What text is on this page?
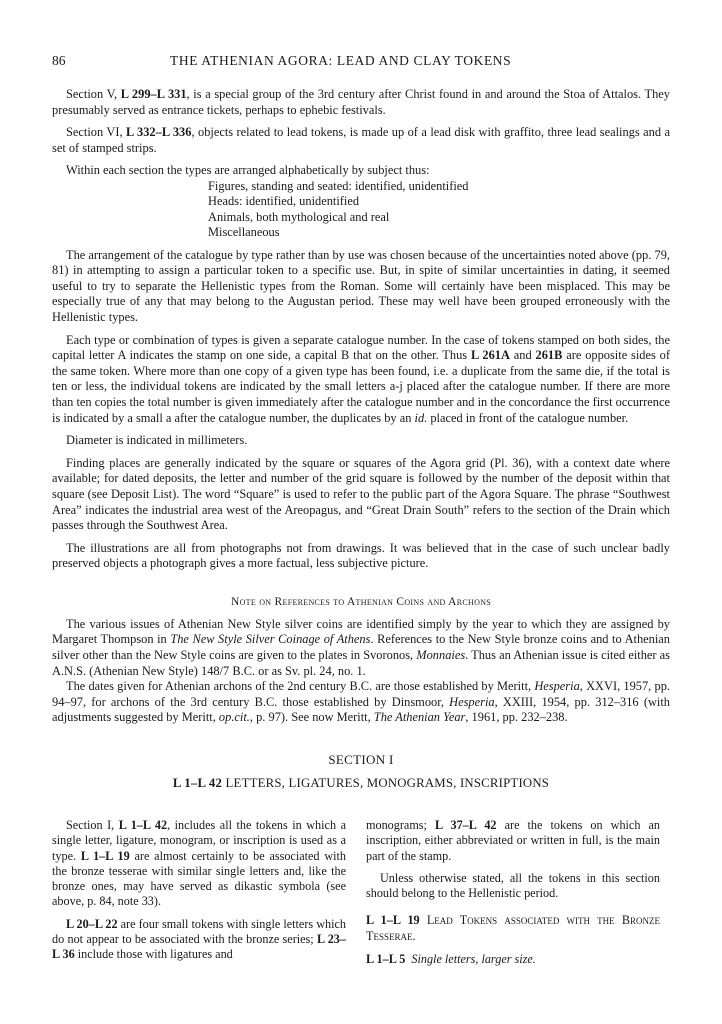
86	THE ATHENIAN AGORA: LEAD AND CLAY TOKENS

Section V, L 299–L 331, is a special group of the 3rd century after Christ found in and around the Stoa of Attalos. They presumably served as entrance tickets, perhaps to ephebic festivals.

Section VI, L 332–L 336, objects related to lead tokens, is made up of a lead disk with graffito, three lead sealings and a set of stamped strips.

Within each section the types are arranged alphabetically by subject thus:

Figures, standing and seated: identified, unidentified
Heads: identified, unidentified
Animals, both mythological and real
Miscellaneous

The arrangement of the catalogue by type rather than by use was chosen because of the uncertainties noted above (pp. 79, 81) in attempting to assign a particular token to a specific use. But, in spite of similar uncertainties in dating, it seemed useful to try to separate the Hellenistic types from the Roman. Some will certainly have been misplaced. This may be especially true of any that may belong to the Augustan period. These may well have been grouped erroneously with the Hellenistic types.

Each type or combination of types is given a separate catalogue number. In the case of tokens stamped on both sides, the capital letter A indicates the stamp on one side, a capital B that on the other. Thus L 261A and 261B are opposite sides of the same token. Where more than one copy of a given type has been found, i.e. a duplicate from the same die, if the total is ten or less, the individual tokens are indicated by the small letters a-j placed after the catalogue number. If there are more than ten copies the total number is given immediately after the catalogue number and in the concordance the first occurrence is indicated by a small a after the catalogue number, the duplicates by an id. placed in front of the catalogue number.

Diameter is indicated in millimeters.

Finding places are generally indicated by the square or squares of the Agora grid (Pl. 36), with a context date where available; for dated deposits, the letter and number of the grid square is followed by the number of the deposit within that square (see Deposit List). The word “Square” is used to refer to the public part of the Agora Square. The phrase “Southwest Area” indicates the industrial area west of the Areopagus, and “Great Drain South” refers to the section of the Drain which passes through the Southwest Area.

The illustrations are all from photographs not from drawings. It was believed that in the case of such unclear badly preserved objects a photograph gives a more factual, less subjective picture.

Note on References to Athenian Coins and Archons

The various issues of Athenian New Style silver coins are identified simply by the year to which they are assigned by Margaret Thompson in The New Style Silver Coinage of Athens. References to the New Style bronze coins and to Athenian silver other than the New Style coins are given to the plates in Svoronos, Monnaies. Thus an Athenian issue is cited either as A.N.S. (Athenian New Style) 148/7 B.C. or as Sv. pl. 24, no. 1.

The dates given for Athenian archons of the 2nd century B.C. are those established by Meritt, Hesperia, XXVI, 1957, pp. 94–97, for archons of the 3rd century B.C. those established by Dinsmoor, Hesperia, XXIII, 1954, pp. 312–316 (with adjustments suggested by Meritt, op.cit., p. 97). See now Meritt, The Athenian Year, 1961, pp. 232–238.

SECTION I
L 1–L 42 LETTERS, LIGATURES, MONOGRAMS, INSCRIPTIONS

Section I, L 1–L 42, includes all the tokens in which a single letter, ligature, monogram, or inscription is used as a type. L 1–L 19 are almost certainly to be associated with the bronze tesserae with similar single letters and, like the bronze ones, may have served as dikastic symbola (see above, p. 84, note 33).

L 20–L 22 are four small tokens with single letters which do not appear to be associated with the bronze series; L 23–L 36 include those with ligatures and

monograms; L 37–L 42 are the tokens on which an inscription, either abbreviated or written in full, is the main part of the stamp.

Unless otherwise stated, all the tokens in this section should belong to the Hellenistic period.

L 1–L 19 Lead Tokens associated with the Bronze Tesserae.

L 1–L 5 Single letters, larger size.
